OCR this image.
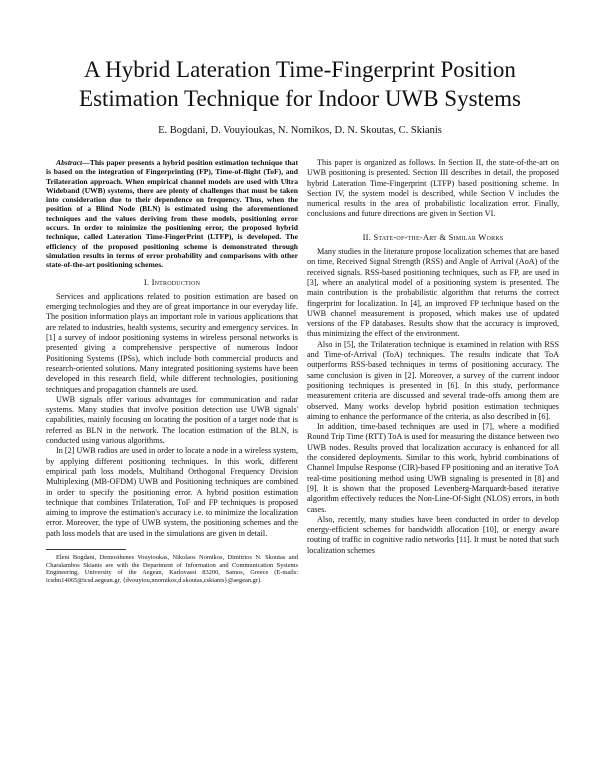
A Hybrid Lateration Time-Fingerprint Position
Estimation Technique for Indoor UWB Systems

E. Bogdani, D. Vouyioukas, N. Nomikos, D. N. Skoutas, C. Skianis

Abstract—This paper presents a hybrid position estimation technique that is based on the integration of Fingerprinting (FP), Time-of-flight (ToF), and Trilateration approach. When empirical channel models are used with Ultra Wideband (UWB) systems, there are plenty of challenges that must be taken into consideration due to their dependence on frequency. Thus, when the position of a Blind Node (BLN) is estimated using the aforementioned techniques and the values deriving from these models, positioning error occurs. In order to minimize the positioning error, the proposed hybrid technique, called Lateration Time-FingerPrint (LTFP), is developed. The efficiency of the proposed positioning scheme is demonstrated through simulation results in terms of error probability and comparisons with other state-of-the-art positioning schemes.

I. Introduction

Services and applications related to position estimation are based on emerging technologies and they are of great importance in our everyday life. The position information plays an important role in various applications that are related to industries, health systems, security and emergency services. In [1] a survey of indoor positioning systems in wireless personal networks is presented giving a comprehensive perspective of numerous Indoor Positioning Systems (IPSs), which include both commercial products and research-oriented solutions. Many integrated positioning systems have been developed in this research field, while different technologies, positioning techniques and propagation channels are used.

UWB signals offer various advantages for communication and radar systems. Many studies that involve position detection use UWB signals' capabilities, mainly focusing on locating the position of a target node that is referred as BLN in the network. The location estimation of the BLN, is conducted using various algorithms.

In [2] UWB radios are used in order to locate a node in a wireless system, by applying different positioning techniques. In this work, different empirical path loss models, Multiband Orthogonal Frequency Division Multiplexing (MB-OFDM) UWB and Positioning techniques are combined in order to specify the positioning error. A hybrid position estimation technique that combines Trilateration, ToF and FP techniques is proposed aiming to improve the estimation's accuracy i.e. to minimize the localization error. Moreover, the type of UWB system, the positioning schemes and the path loss models that are used in the simulations are given in detail.

Eleni Bogdani, Demosthenes Vouyioukas, Nikolaos Nomikos, Dimitrios N. Skoutas and Charalambos Skianis are with the Department of Information and Communication Systems Engineering, University of the Aegean, Karlovassi 83200, Samos, Greece (E-mails: icsdm14065@icsd.aegean.gr, {dvouyiou,nnomikos,d.skoutas,cskianis}@aegean.gr).

This paper is organized as follows. In Section II, the state-of-the-art on UWB positioning is presented. Section III describes in detail, the proposed hybrid Lateration Time-Fingerprint (LTFP) based positioning scheme. In Section IV, the system model is described, while Section V includes the numerical results in the area of probabilistic localization error. Finally, conclusions and future directions are given in Section VI.

II. State-of-the-Art & Similar Works

Many studies in the literature propose localization schemes that are based on time, Received Signal Strength (RSS) and Angle of Arrival (AoA) of the received signals. RSS-based positioning techniques, such as FP, are used in [3], where an analytical model of a positioning system is presented. The main contribution is the probabilistic algorithm that returns the correct fingerprint for localization. In [4], an improved FP technique based on the UWB channel measurement is proposed, which makes use of updated versions of the FP databases. Results show that the accuracy is improved, thus minimizing the effect of the environment.

Also in [5], the Trilateration technique is examined in relation with RSS and Time-of-Arrival (ToA) techniques. The results indicate that ToA outperforms RSS-based techniques in terms of positioning accuracy. The same conclusion is given in [2]. Moreover, a survey of the current indoor positioning techniques is presented in [6]. In this study, performance measurement criteria are discussed and several trade-offs among them are observed. Many works develop hybrid position estimation techniques aiming to enhance the performance of the criteria, as also described in [6].

In addition, time-based techniques are used in [7], where a modified Round Trip Time (RTT) ToA is used for measuring the distance between two UWB nodes. Results proved that localization accuracy is enhanced for all the considered deployments. Similar to this work, hybrid combinations of Channel Impulse Response (CIR)-based FP positioning and an iterative ToA real-time positioning method using UWB signaling is presented in [8] and [9]. It is shown that the proposed Levenberg-Marquardt-based iterative algorithm effectively reduces the Non-Line-Of-Sight (NLOS) errors, in both cases.

Also, recently, many studies have been conducted in order to develop energy-efficient schemes for bandwidth allocation [10], or energy aware routing of traffic in cognitive radio networks [11]. It must be noted that such localization schemes
